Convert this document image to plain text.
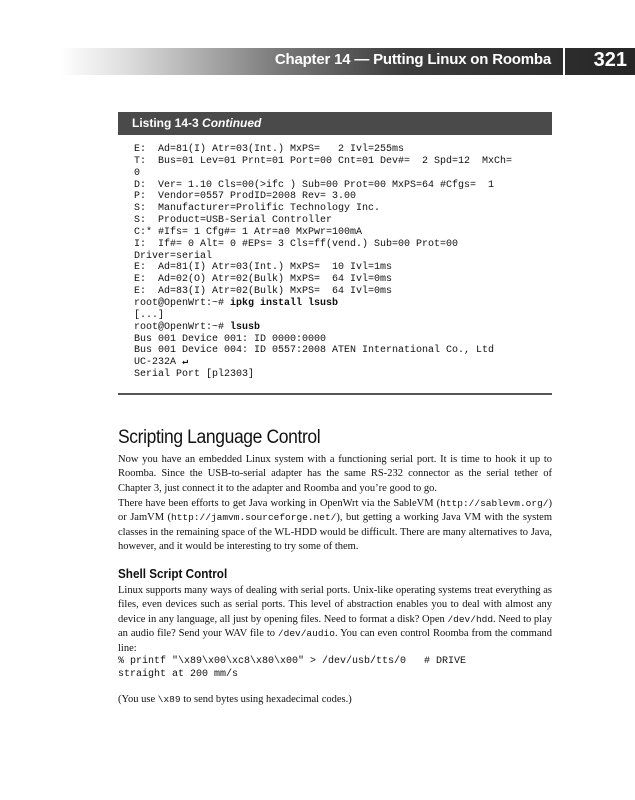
Chapter 14 — Putting Linux on Roomba 321
Listing 14-3 Continued
E:  Ad=81(I) Atr=03(Int.) MxPS=   2 Ivl=255ms
T:  Bus=01 Lev=01 Prnt=01 Port=00 Cnt=01 Dev#=  2 Spd=12  MxCh=
0
D:  Ver= 1.10 Cls=00(>ifc ) Sub=00 Prot=00 MxPS=64 #Cfgs=  1
P:  Vendor=0557 ProdID=2008 Rev= 3.00
S:  Manufacturer=Prolific Technology Inc.
S:  Product=USB-Serial Controller
C:* #Ifs= 1 Cfg#= 1 Atr=a0 MxPwr=100mA
I:  If#= 0 Alt= 0 #EPs= 3 Cls=ff(vend.) Sub=00 Prot=00
Driver=serial
E:  Ad=81(I) Atr=03(Int.) MxPS=  10 Ivl=1ms
E:  Ad=02(O) Atr=02(Bulk) MxPS=  64 Ivl=0ms
E:  Ad=83(I) Atr=02(Bulk) MxPS=  64 Ivl=0ms
root@OpenWrt:~# ipkg install lsusb
[...]
root@OpenWrt:~# lsusb
Bus 001 Device 001: ID 0000:0000
Bus 001 Device 004: ID 0557:2008 ATEN International Co., Ltd
UC-232A ↵
Serial Port [pl2303]
Scripting Language Control

Now you have an embedded Linux system with a functioning serial port. It is time to hook it up to Roomba. Since the USB-to-serial adapter has the same RS-232 connector as the serial tether of Chapter 3, just connect it to the adapter and Roomba and you’re good to go.

There have been efforts to get Java working in OpenWrt via the SableVM (http://sablevm.org/) or JamVM (http://jamvm.sourceforge.net/), but getting a working Java VM with the system classes in the remaining space of the WL-HDD would be difficult. There are many alternatives to Java, however, and it would be interesting to try some of them.

Shell Script Control

Linux supports many ways of dealing with serial ports. Unix-like operating systems treat everything as files, even devices such as serial ports. This level of abstraction enables you to deal with almost any device in any language, all just by opening files. Need to format a disk? Open /dev/hdd. Need to play an audio file? Send your WAV file to /dev/audio. You can even control Roomba from the command line:

% printf "\x89\x00\xc8\x80\x00" > /dev/usb/tts/0   # DRIVE
straight at 200 mm/s

(You use \x89 to send bytes using hexadecimal codes.)
